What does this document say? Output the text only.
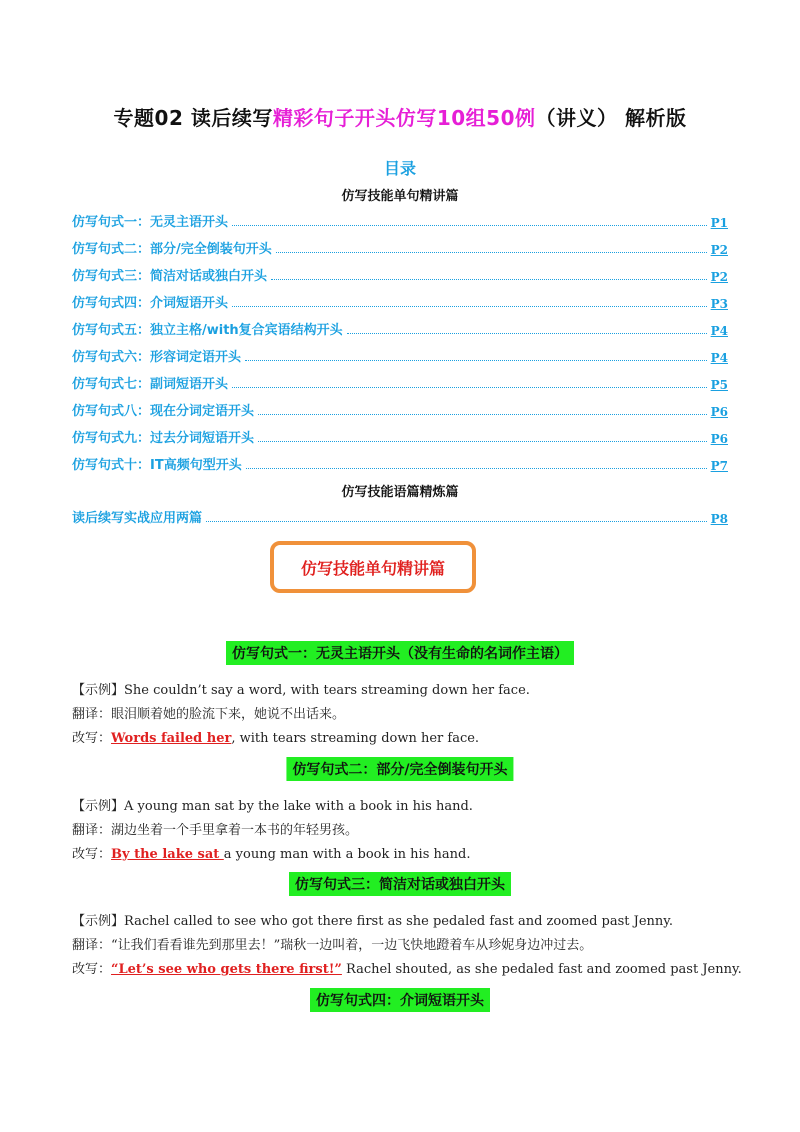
专题02 读后续写精彩句子开头仿写10组50例（讲义） 解析版
目录
仿写技能单句精讲篇
仿写句式一：无灵主语开头	P1
仿写句式二：部分/完全倒装句开头	P2
仿写句式三：简洁对话或独白开头	P2
仿写句式四：介词短语开头	P3
仿写句式五：独立主格/with复合宾语结构开头	P4
仿写句式六：形容词定语开头	P4
仿写句式七：副词短语开头	P5
仿写句式八：现在分词定语开头	P6
仿写句式九：过去分词短语开头	P6
仿写句式十：IT高频句型开头	P7
仿写技能语篇精炼篇
读后续写实战应用两篇	P8
仿写技能单句精讲篇
仿写句式一：无灵主语开头（没有生命的名词作主语）
【示例】She couldn’t say a word, with tears streaming down her face.
翻译：眼泪顺着她的脸流下来，她说不出话来。
改写：Words failed her, with tears streaming down her face.
仿写句式二：部分/完全倒装句开头
【示例】A young man sat by the lake with a book in his hand.
翻译：湖边坐着一个手里拿着一本书的年轻男孩。
改写：By the lake sat a young man with a book in his hand.
仿写句式三：简洁对话或独白开头
【示例】Rachel called to see who got there first as she pedaled fast and zoomed past Jenny.
翻译：“让我们看看谁先到那里去！”瑞秋一边叫着，一边飞快地蹬着车从珍妮身边冲过去。
改写：“Let’s see who gets there first!” Rachel shouted, as she pedaled fast and zoomed past Jenny.
仿写句式四：介词短语开头
